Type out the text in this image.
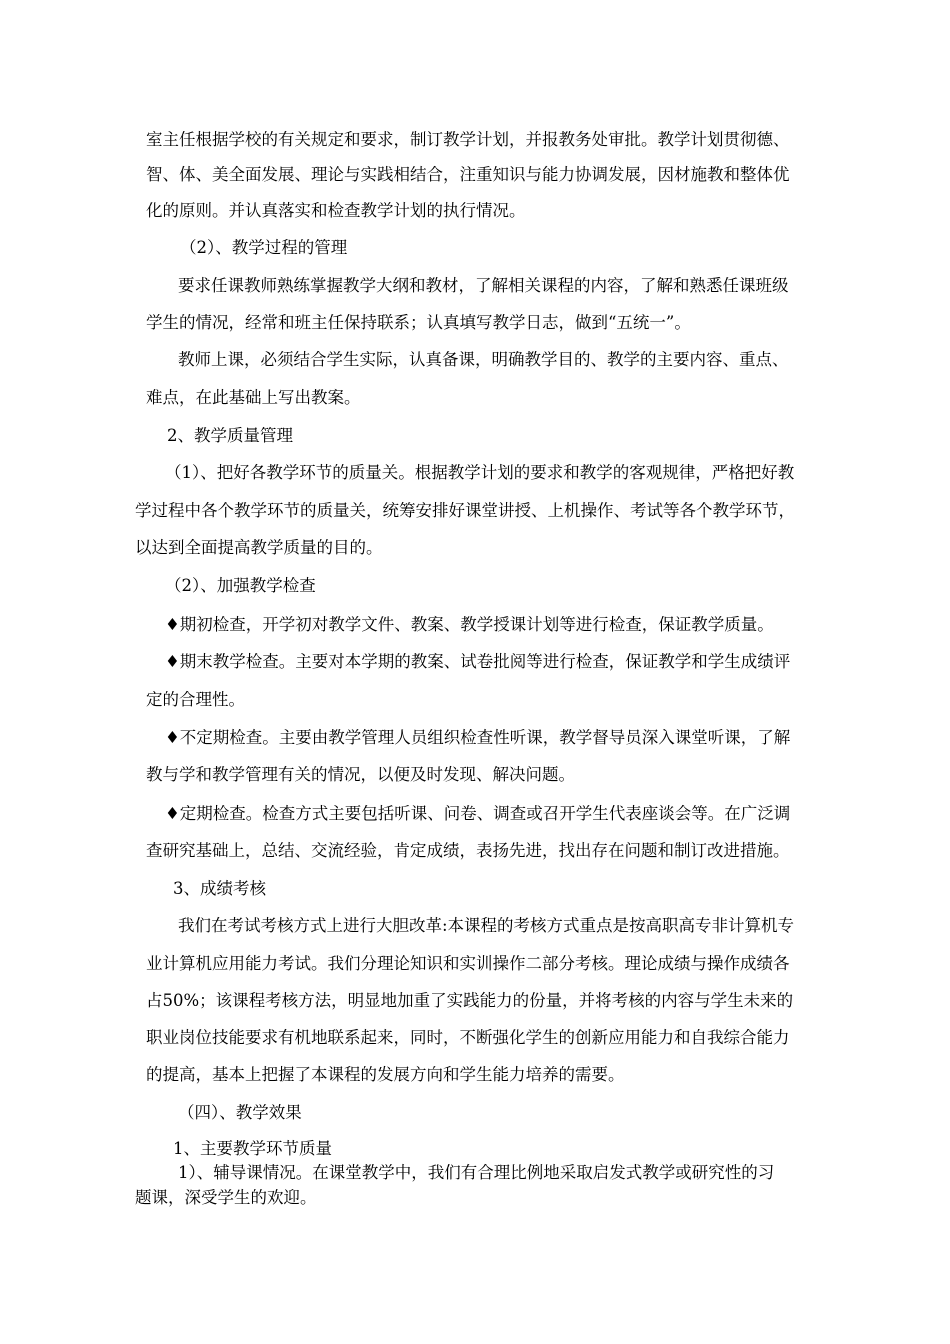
室主任根据学校的有关规定和要求，制订教学计划，并报教务处审批。教学计划贯彻德、
智、体、美全面发展、理论与实践相结合，注重知识与能力协调发展，因材施教和整体优
化的原则。并认真落实和检查教学计划的执行情况。
（2）、教学过程的管理
要求任课教师熟练掌握教学大纲和教材，了解相关课程的内容，了解和熟悉任课班级
学生的情况，经常和班主任保持联系；认真填写教学日志，做到“五统一”。
教师上课，必须结合学生实际，认真备课，明确教学目的、教学的主要内容、重点、
难点，在此基础上写出教案。
2、教学质量管理
（1）、把好各教学环节的质量关。根据教学计划的要求和教学的客观规律，严格把好教
学过程中各个教学环节的质量关，统筹安排好课堂讲授、上机操作、考试等各个教学环节，
以达到全面提高教学质量的目的。
（2）、加强教学检查
♦期初检查，开学初对教学文件、教案、教学授课计划等进行检查，保证教学质量。
♦期末教学检查。主要对本学期的教案、试卷批阅等进行检查，保证教学和学生成绩评
定的合理性。
♦不定期检查。主要由教学管理人员组织检查性听课，教学督导员深入课堂听课，了解
教与学和教学管理有关的情况，以便及时发现、解决问题。
♦定期检查。检查方式主要包括听课、问卷、调查或召开学生代表座谈会等。在广泛调
查研究基础上，总结、交流经验，肯定成绩，表扬先进，找出存在问题和制订改进措施。
3、成绩考核
我们在考试考核方式上进行大胆改革:本课程的考核方式重点是按高职高专非计算机专
业计算机应用能力考试。我们分理论知识和实训操作二部分考核。理论成绩与操作成绩各
占50%；该课程考核方法，明显地加重了实践能力的份量，并将考核的内容与学生未来的
职业岗位技能要求有机地联系起来，同时，不断强化学生的创新应用能力和自我综合能力
的提高，基本上把握了本课程的发展方向和学生能力培养的需要。
（四）、教学效果
1、主要教学环节质量
1）、辅导课情况。在课堂教学中，我们有合理比例地采取启发式教学或研究性的习
题课，深受学生的欢迎。
